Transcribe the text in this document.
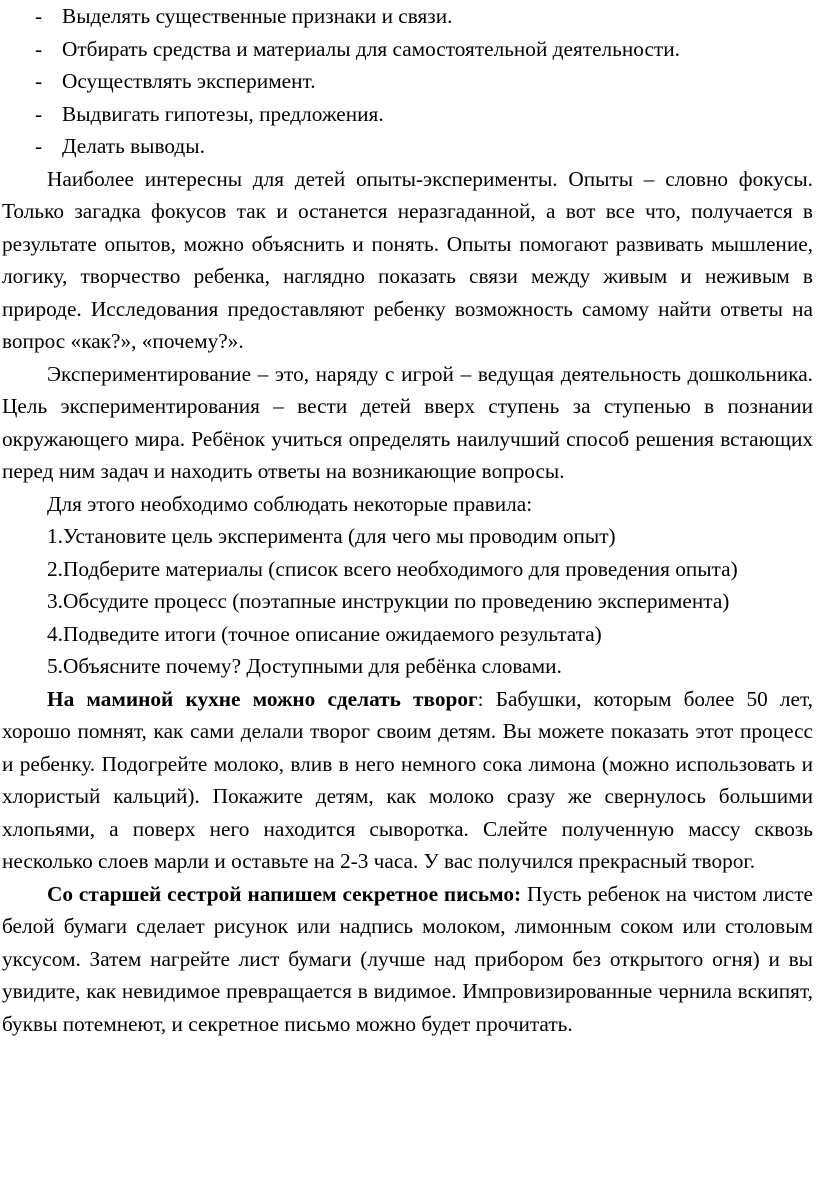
- Выделять существенные признаки и связи.
- Отбирать средства и материалы для самостоятельной деятельности.
- Осуществлять эксперимент.
- Выдвигать гипотезы, предложения.
- Делать выводы.

Наиболее интересны для детей опыты-эксперименты. Опыты – словно фокусы. Только загадка фокусов так и останется неразгаданной, а вот все что, получается в результате опытов, можно объяснить и понять. Опыты помогают развивать мышление, логику, творчество ребенка, наглядно показать связи между живым и неживым в природе. Исследования предоставляют ребенку возможность самому найти ответы на вопрос «как?», «почему?».

Экспериментирование – это, наряду с игрой – ведущая деятельность дошкольника. Цель экспериментирования – вести детей вверх ступень за ступенью в познании окружающего мира. Ребёнок учиться определять наилучший способ решения встающих перед ним задач и находить ответы на возникающие вопросы.

Для этого необходимо соблюдать некоторые правила:

1.Установите цель эксперимента (для чего мы проводим опыт)

2.Подберите материалы (список всего необходимого для проведения опыта)

3.Обсудите процесс (поэтапные инструкции по проведению эксперимента)

4.Подведите итоги (точное описание ожидаемого результата)

5.Объясните почему? Доступными для ребёнка словами.

На маминой кухне можно сделать творог: Бабушки, которым более 50 лет, хорошо помнят, как сами делали творог своим детям. Вы можете показать этот процесс и ребенку. Подогрейте молоко, влив в него немного сока лимона (можно использовать и хлористый кальций). Покажите детям, как молоко сразу же свернулось большими хлопьями, а поверх него находится сыворотка. Слейте полученную массу сквозь несколько слоев марли и оставьте на 2-3 часа. У вас получился прекрасный творог.

Со старшей сестрой напишем секретное письмо: Пусть ребенок на чистом листе белой бумаги сделает рисунок или надпись молоком, лимонным соком или столовым уксусом. Затем нагрейте лист бумаги (лучше над прибором без открытого огня) и вы увидите, как невидимое превращается в видимое. Импровизированные чернила вскипят, буквы потемнеют, и секретное письмо можно будет прочитать.
